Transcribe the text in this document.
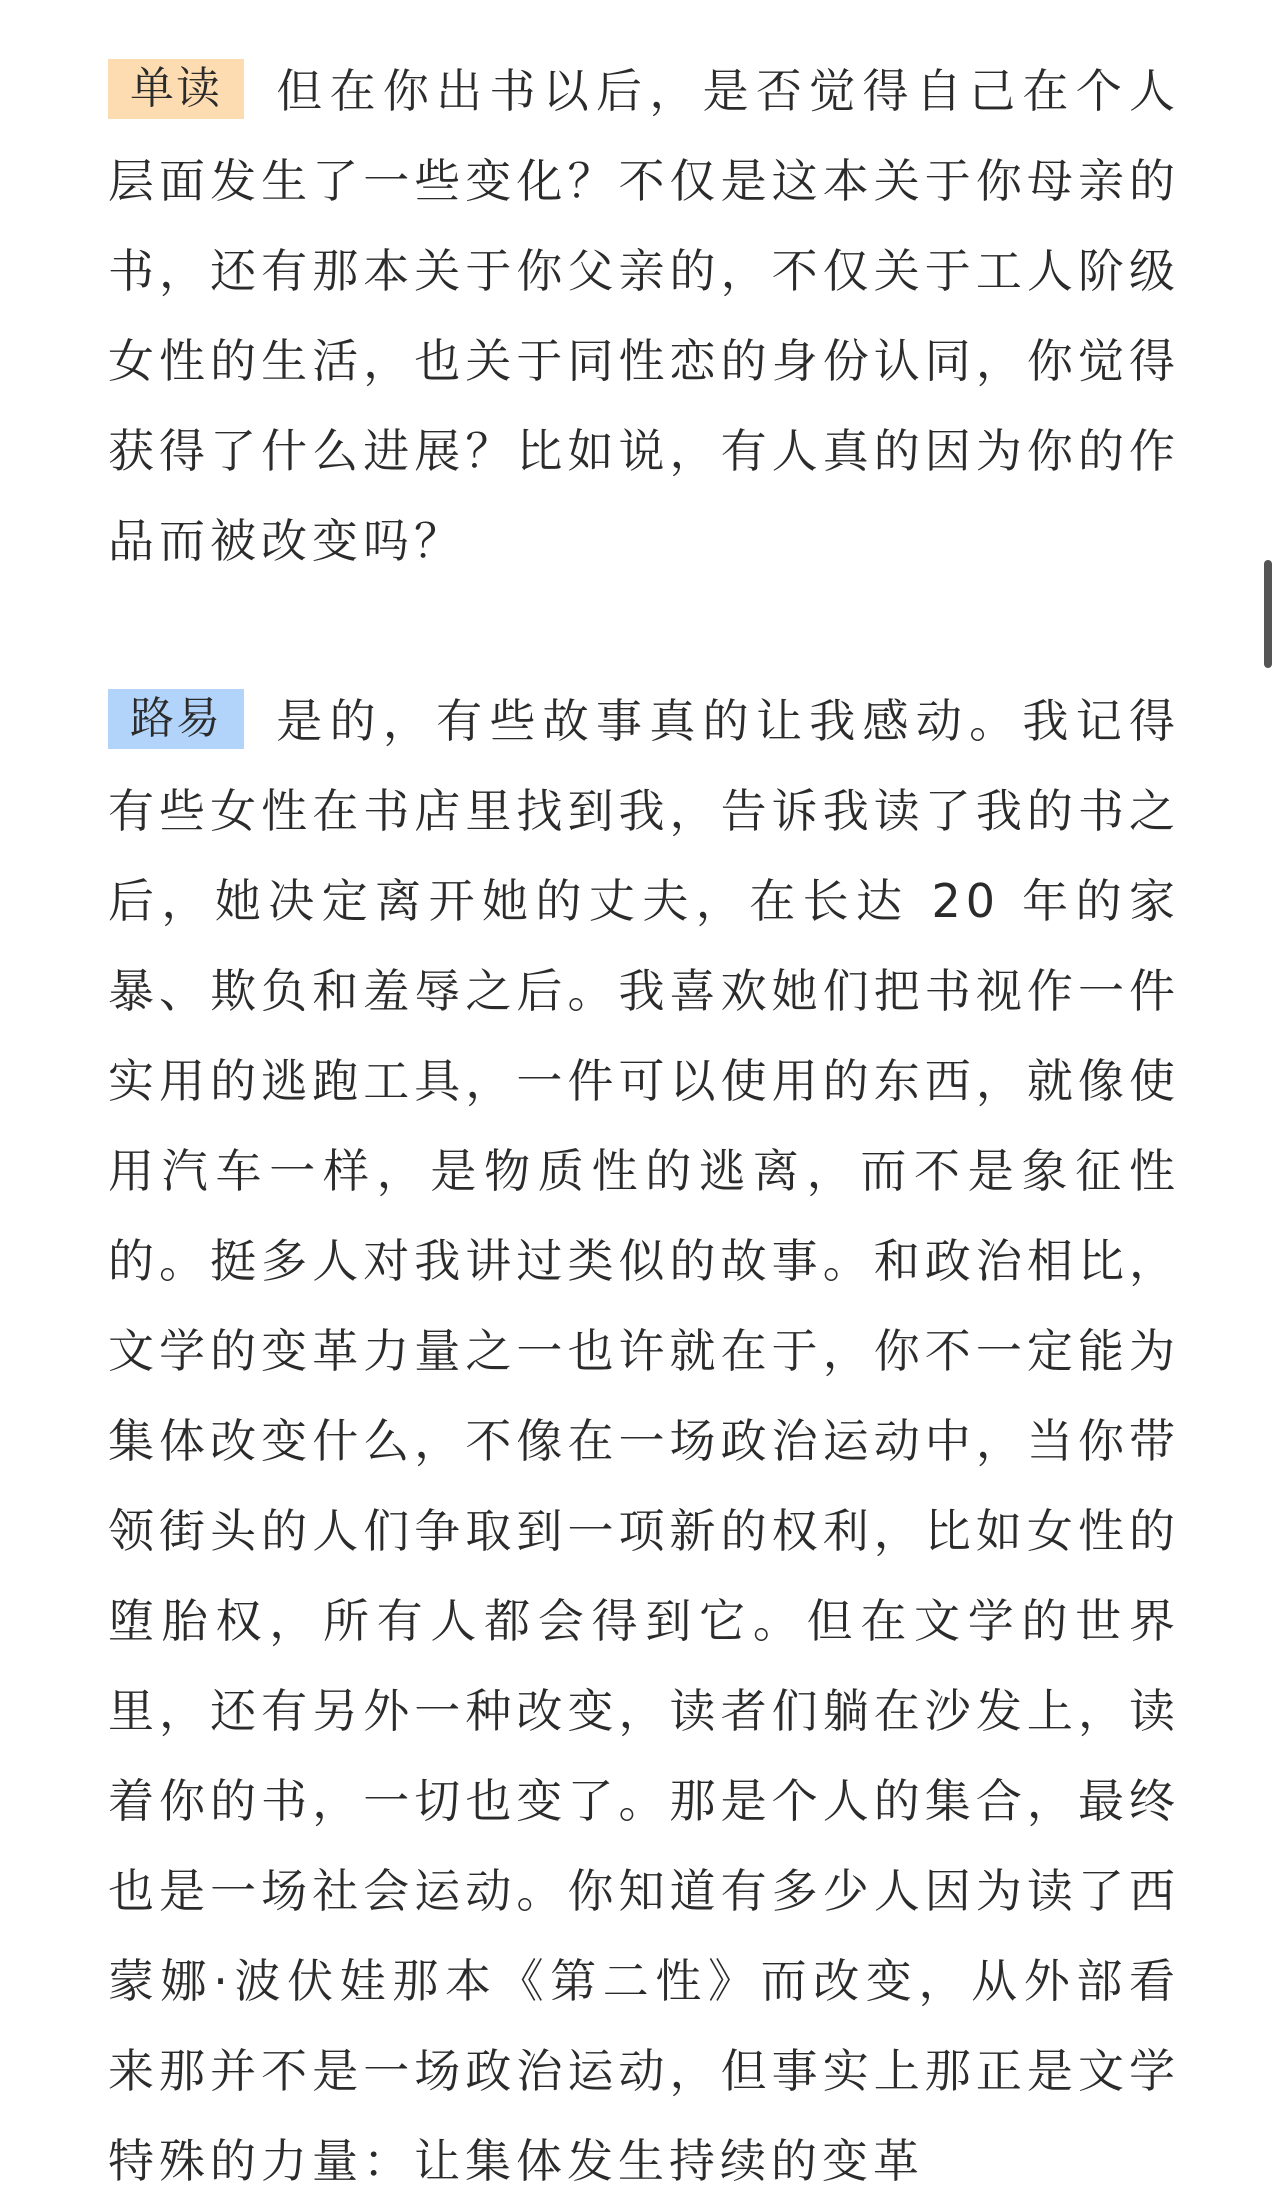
单读 但在你出书以后，是否觉得自己在个人层面发生了一些变化？不仅是这本关于你母亲的书，还有那本关于你父亲的，不仅关于工人阶级女性的生活，也关于同性恋的身份认同，你觉得获得了什么进展？比如说，有人真的因为你的作品而被改变吗？

路易 是的，有些故事真的让我感动。我记得有些女性在书店里找到我，告诉我读了我的书之后，她决定离开她的丈夫，在长达 20 年的家暴、欺负和羞辱之后。我喜欢她们把书视作一件实用的逃跑工具，一件可以使用的东西，就像使用汽车一样，是物质性的逃离，而不是象征性的。挺多人对我讲过类似的故事。和政治相比，文学的变革力量之一也许就在于，你不一定能为集体改变什么，不像在一场政治运动中，当你带领街头的人们争取到一项新的权利，比如女性的堕胎权，所有人都会得到它。但在文学的世界里，还有另外一种改变，读者们躺在沙发上，读着你的书，一切也变了。那是个人的集合，最终也是一场社会运动。你知道有多少人因为读了西蒙娜·波伏娃那本《第二性》而改变，从外部看来那并不是一场政治运动，但事实上那正是文学特殊的力量：让集体发生持续的变革
